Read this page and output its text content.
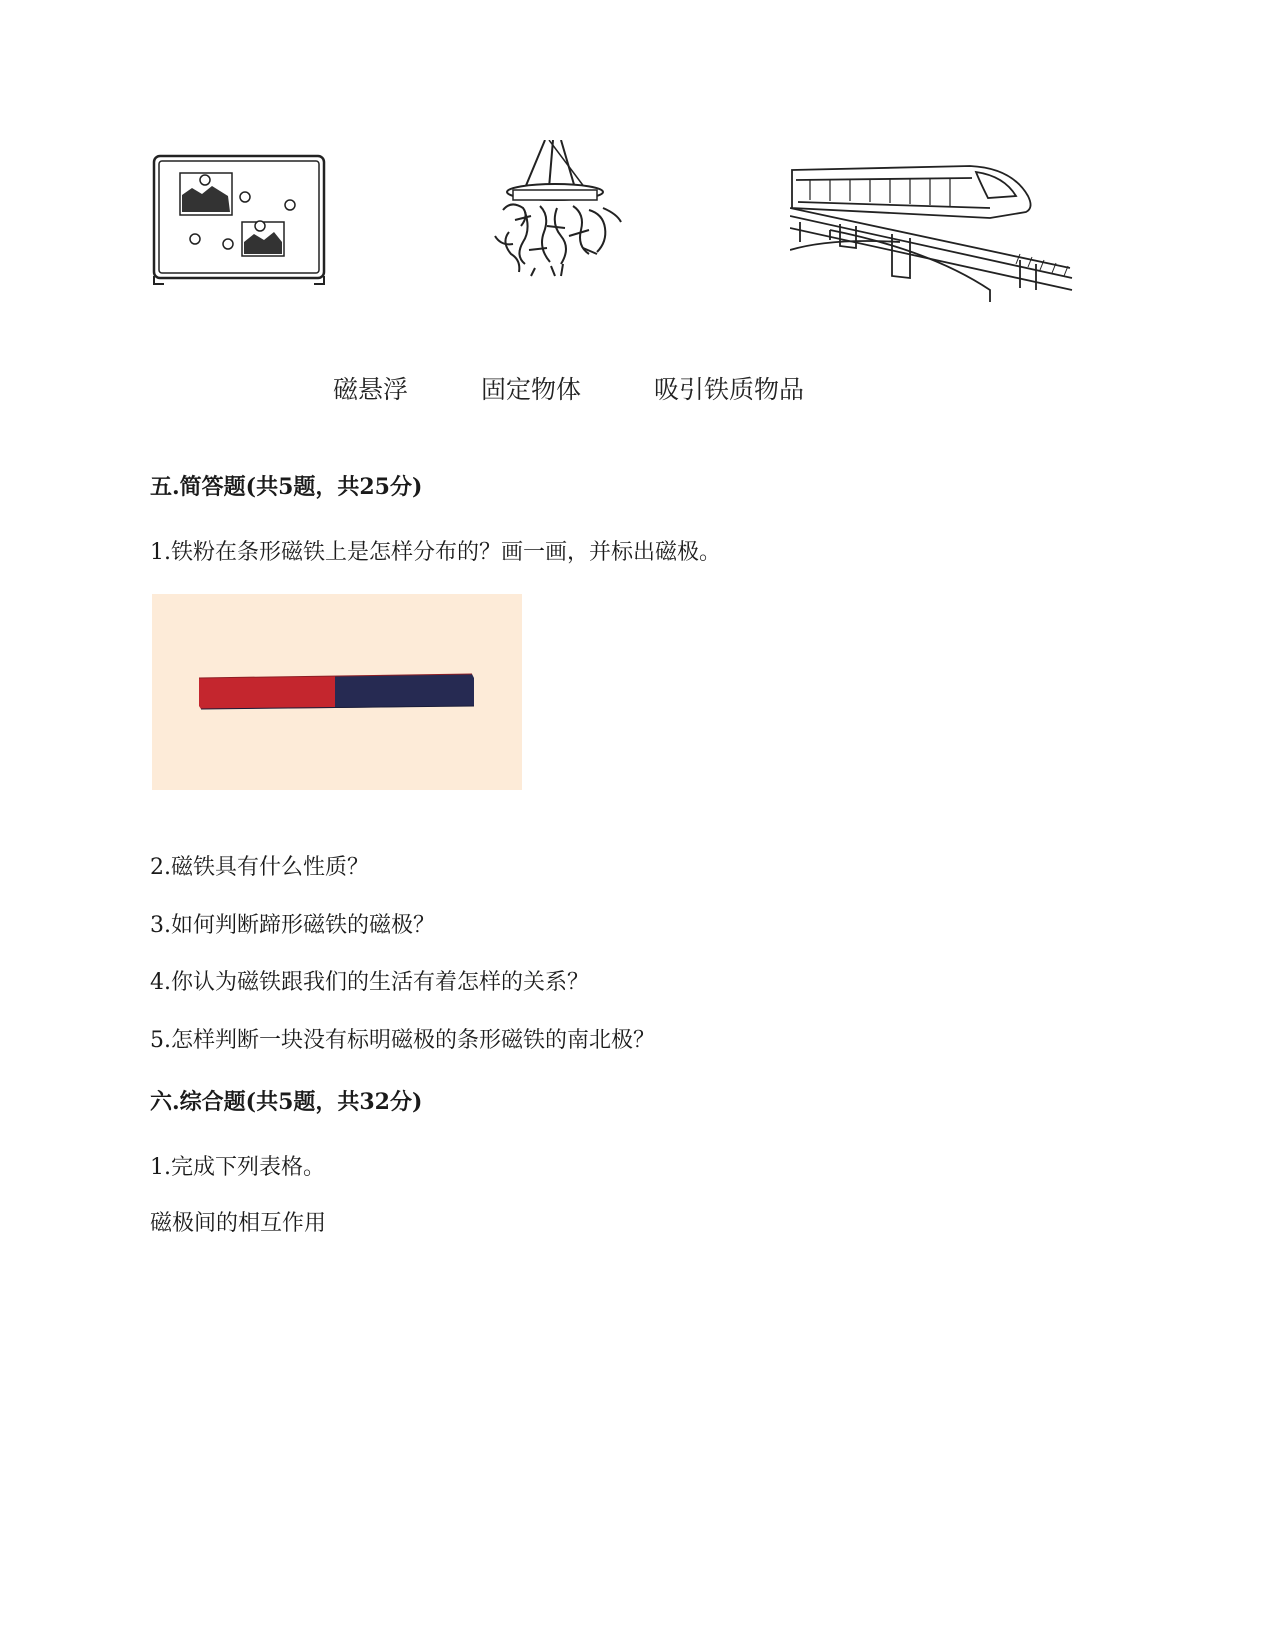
磁悬浮	固定物体	吸引铁质物品
五.简答题(共5题，共25分)
1.铁粉在条形磁铁上是怎样分布的？画一画，并标出磁极。
2.磁铁具有什么性质？
3.如何判断蹄形磁铁的磁极？
4.你认为磁铁跟我们的生活有着怎样的关系？
5.怎样判断一块没有标明磁极的条形磁铁的南北极？
六.综合题(共5题，共32分)
1.完成下列表格。
磁极间的相互作用
